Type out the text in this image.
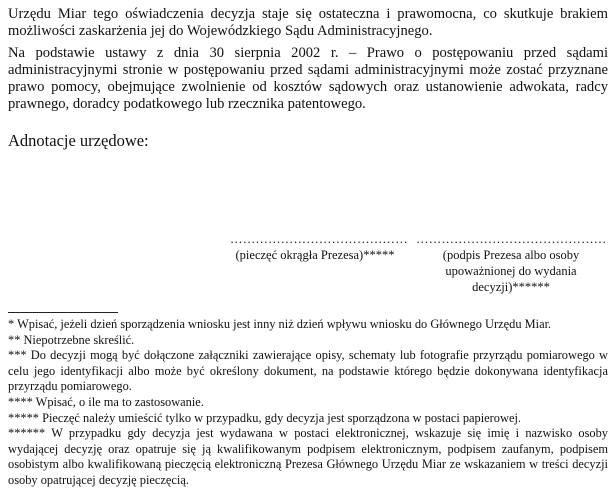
Urzędu Miar tego oświadczenia decyzja staje się ostateczna i prawomocna, co skutkuje brakiem możliwości zaskarżenia jej do Wojewódzkiego Sądu Administracyjnego.

Na podstawie ustawy z dnia 30 sierpnia 2002 r. – Prawo o postępowaniu przed sądami administracyjnymi stronie w postępowaniu przed sądami administracyjnymi może zostać przyznane prawo pomocy, obejmujące zwolnienie od kosztów sądowych oraz ustanowienie adwokata, radcy prawnego, doradcy podatkowego lub rzecznika patentowego.

Adnotacje urzędowe:

……………………………………
(pieczęć okrągła Prezesa)*****
………………………………………
(podpis Prezesa albo osoby upoważnionej do wydania decyzji)******

* Wpisać, jeżeli dzień sporządzenia wniosku jest inny niż dzień wpływu wniosku do Głównego Urzędu Miar.

** Niepotrzebne skreślić.

*** Do decyzji mogą być dołączone załączniki zawierające opisy, schematy lub fotografie przyrządu pomiarowego w celu jego identyfikacji albo może być określony dokument, na podstawie którego będzie dokonywana identyfikacja przyrządu pomiarowego.

**** Wpisać, o ile ma to zastosowanie.

***** Pieczęć należy umieścić tylko w przypadku, gdy decyzja jest sporządzona w postaci papierowej.

****** W przypadku gdy decyzja jest wydawana w postaci elektronicznej, wskazuje się imię i nazwisko osoby wydającej decyzję oraz opatruje się ją kwalifikowanym podpisem elektronicznym, podpisem zaufanym, podpisem osobistym albo kwalifikowaną pieczęcią elektroniczną Prezesa Głównego Urzędu Miar ze wskazaniem w treści decyzji osoby opatrującej decyzję pieczęcią.
